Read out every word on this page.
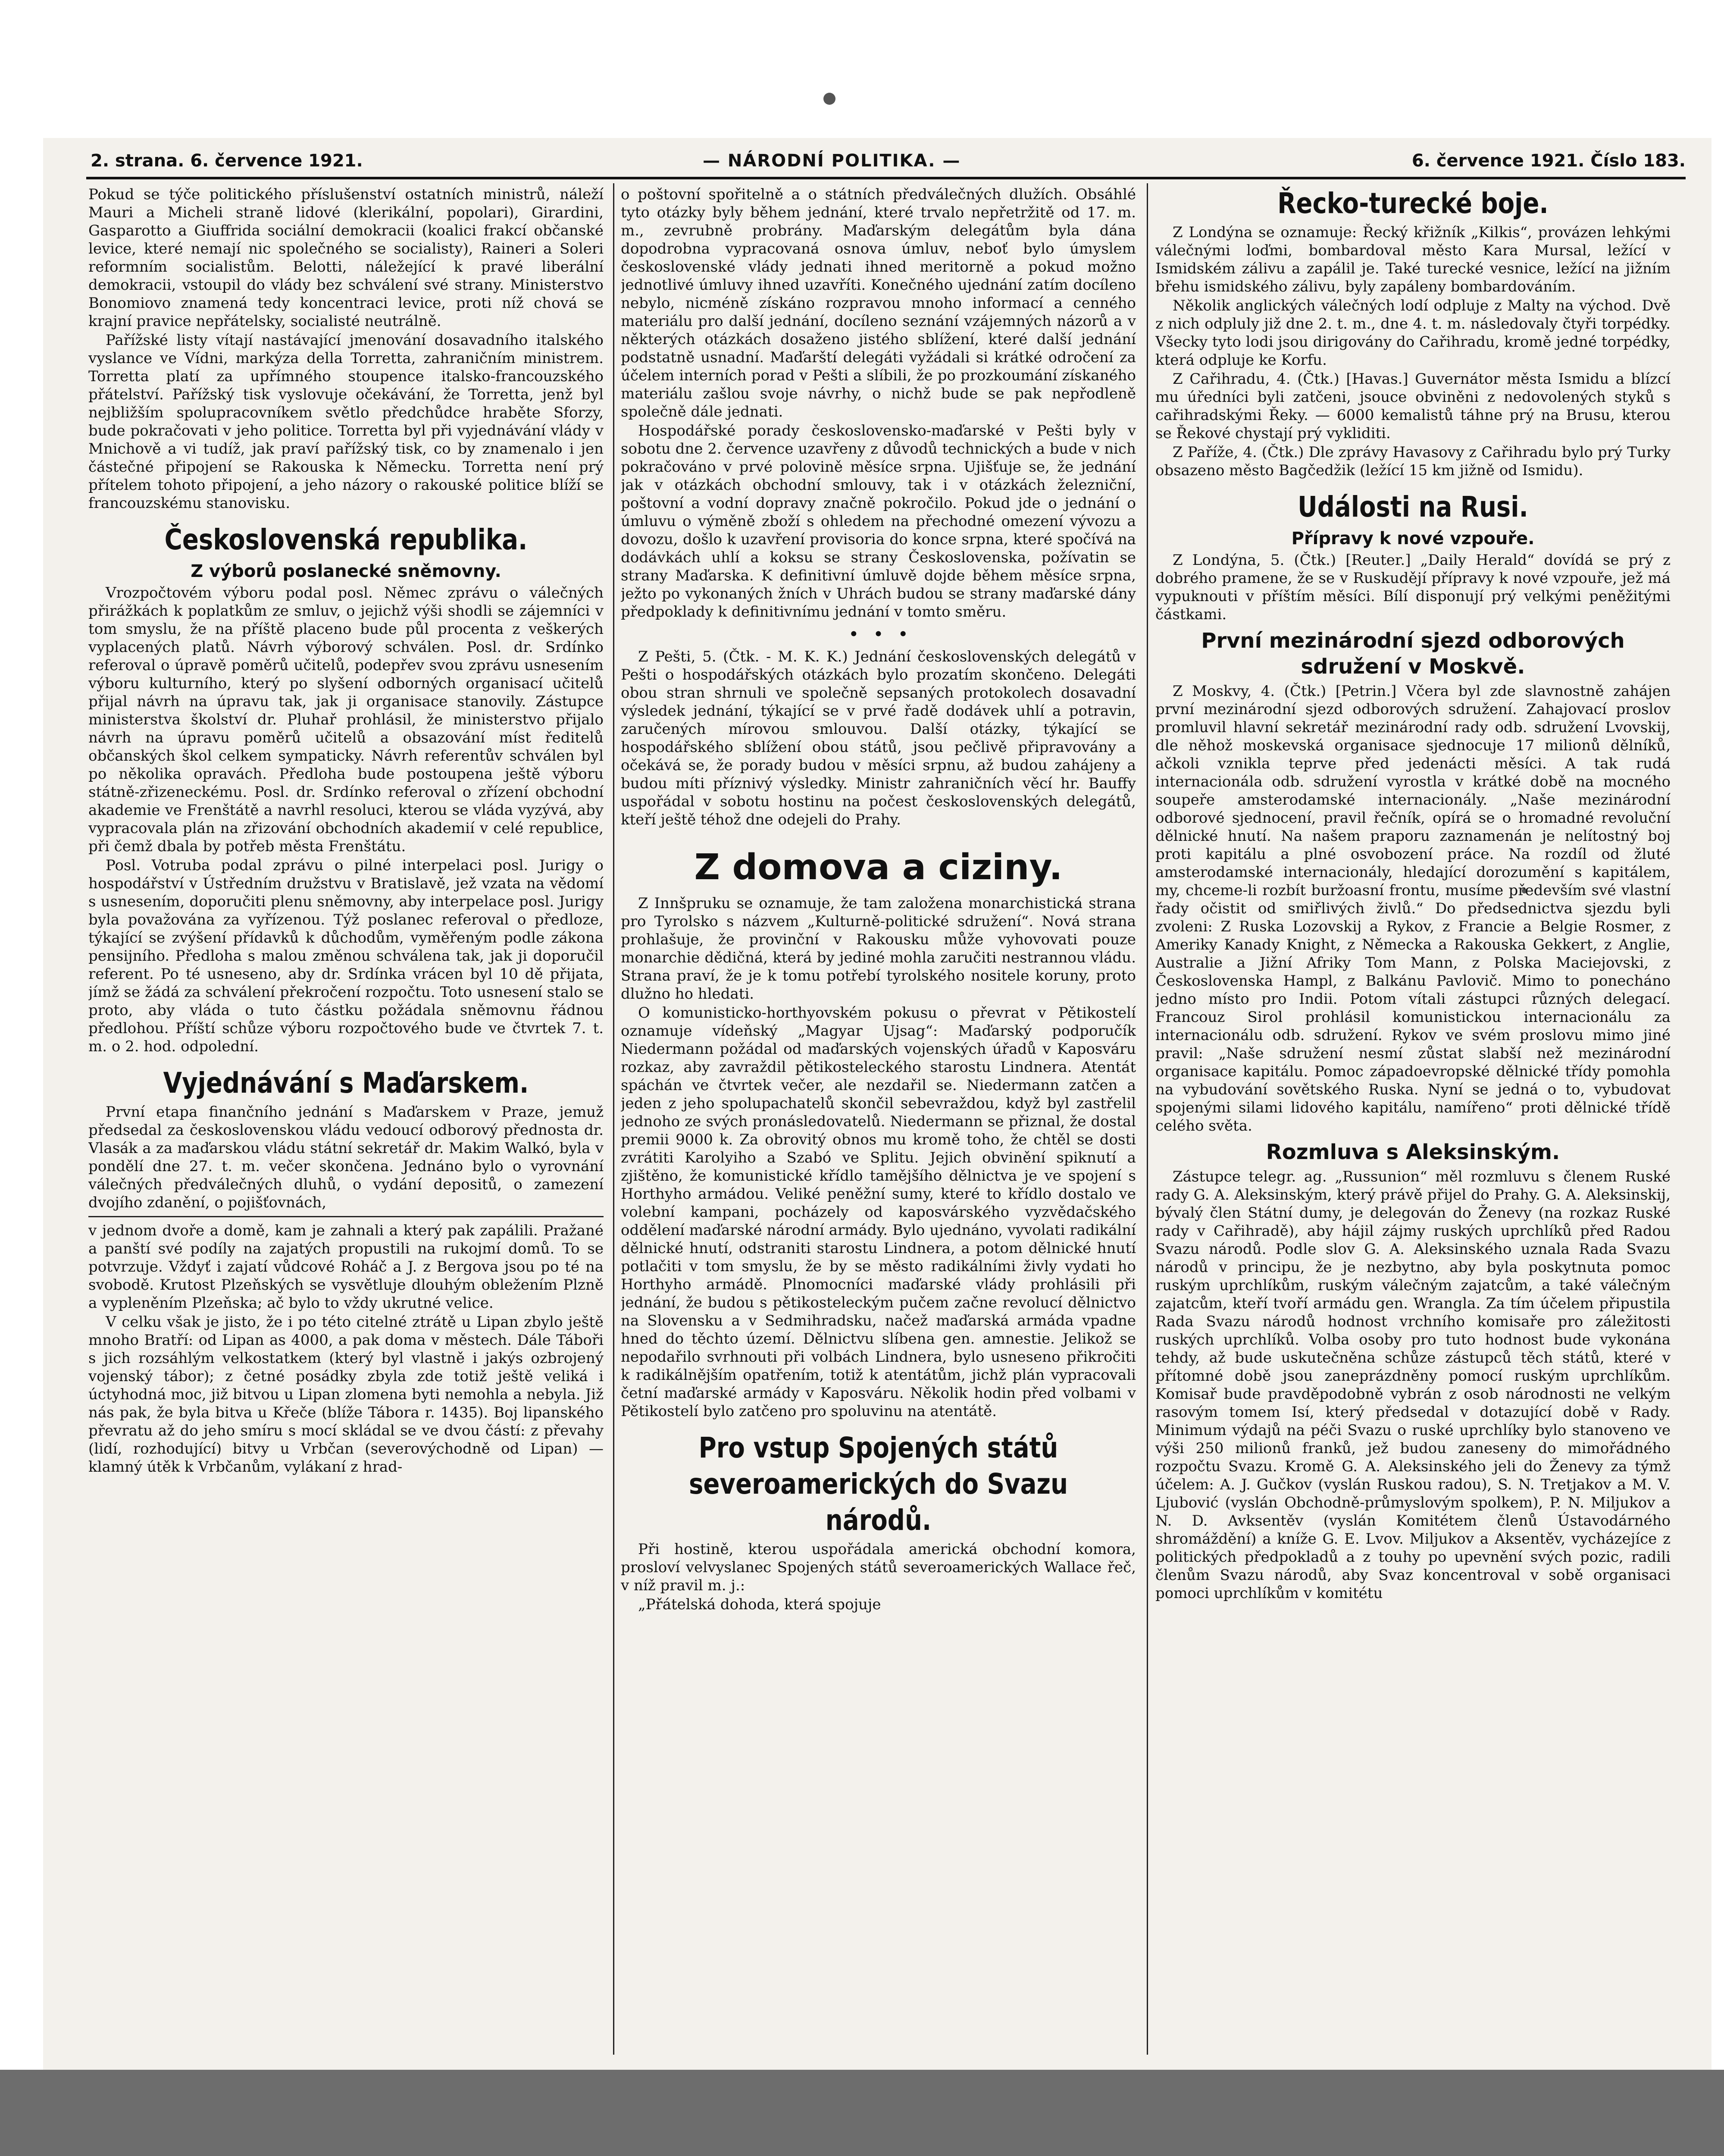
2. strana. 6. července 1921.	— NÁRODNÍ POLITIKA. —	6. července 1921. Číslo 183.

Pokud se týče politického příslušenství ostatních ministrů, náleží Mauri a Micheli straně lidové (klerikální, popolari), Girardini, Gasparotto a Giuffrida sociální demokracii (koalici frakcí občanské levice, které nemají nic společného se socialisty), Raineri a Soleri reformním socialistům. Belotti, náležející k pravé liberální demokracii, vstoupil do vlády bez schválení své strany. Ministerstvo Bonomiovo znamená tedy koncentraci levice, proti níž chová se krajní pravice nepřátelsky, socialisté neutrálně.

Pařížské listy vítají nastávající jmenování dosavadního italského vyslance ve Vídni, markýza della Torretta, zahraničním ministrem. Torretta platí za upřímného stoupence italsko-francouzského přátelství. Pařížský tisk vyslovuje očekávání, že Torretta, jenž byl nejbližším spolupracovníkem světlo předchůdce hraběte Sforzy, bude pokračovati v jeho politice. Torretta byl při vyjednávání vlády v Mnichově a vi tudíž, jak praví pařížský tisk, co by znamenalo i jen částečné připojení se Rakouska k Německu. Torretta není prý přítelem tohoto připojení, a jeho názory o rakouské politice blíží se francouzskému stanovisku.

Československá republika.
Z výborů poslanecké sněmovny.

Vrozpočtovém výboru podal posl. Němec zprávu o válečných přirážkách k poplatkům ze smluv, o jejichž výši shodli se zájemníci v tom smyslu, že na příště placeno bude půl procenta z veškerých vyplacených platů. Návrh výborový schválen. Posl. dr. Srdínko referoval o úpravě poměrů učitelů, podepřev svou zprávu usnesením výboru kulturního, který po slyšení odborných organisací učitelů přijal návrh na úpravu tak, jak ji organisace stanovily. Zástupce ministerstva školství dr. Pluhař prohlásil, že ministerstvo přijalo návrh na úpravu poměrů učitelů a obsazování míst ředitelů občanských škol celkem sympaticky. Návrh referentův schválen byl po několika opravách. Předloha bude postoupena ještě výboru státně-zřizeneckému. Posl. dr. Srdínko referoval o zřízení obchodní akademie ve Frenštátě a navrhl resoluci, kterou se vláda vyzývá, aby vypracovala plán na zřizování obchodních akademií v celé republice, při čemž dbala by potřeb města Frenštátu.

Posl. Votruba podal zprávu o pilné interpelaci posl. Jurigy o hospodářství v Ústředním družstvu v Bratislavě, jež vzata na vědomí s usnesením, doporučiti plenu sněmovny, aby interpelace posl. Jurigy byla považována za vyřízenou. Týž poslanec referoval o předloze, týkající se zvýšení přídavků k důchodům, vyměřeným podle zákona pensijního. Předloha s malou změnou schválena tak, jak ji doporučil referent. Po té usneseno, aby dr. Srdínka vrácen byl 10 dě přijata, jímž se žádá za schválení překročení rozpočtu. Toto usnesení stalo se proto, aby vláda o tuto částku požádala sněmovnu řádnou předlohou. Příští schůze výboru rozpočtového bude ve čtvrtek 7. t. m. o 2. hod. odpolední.

Vyjednávání s Maďarskem.

První etapa finančního jednání s Maďarskem v Praze, jemuž předsedal za československou vládu vedoucí odborový přednosta dr. Vlasák a za maďarskou vládu státní sekretář dr. Makim Walkó, byla v pondělí dne 27. t. m. večer skončena. Jednáno bylo o vyrovnání válečných předválečných dluhů, o vydání depositů, o zamezení dvojího zdanění, o pojišťovnách,

v jednom dvoře a domě, kam je zahnali a který pak zapálili. Pražané a panští své podíly na zajatých propustili na rukojmí domů. To se potvrzuje. Vždyť i zajatí vůdcové Roháč a J. z Bergova jsou po té na svobodě. Krutost Plzeňských se vysvětluje dlouhým obležením Plzně a vypleněním Plzeňska; ač bylo to vždy ukrutné velice.

V celku však je jisto, že i po této citelné ztrátě u Lipan zbylo ještě mnoho Bratří: od Lipan as 4000, a pak doma v městech. Dále Táboři s jich rozsáhlým velkostatkem (který byl vlastně i jakýs ozbrojený vojenský tábor); z četné posádky zbyla zde totiž ještě veliká i úctyhodná moc, již bitvou u Lipan zlomena byti nemohla a nebyla. Již nás pak, že byla bitva u Křeče (blíže Tábora r. 1435). Boj lipanského převratu až do jeho smíru s mocí skládal se ve dvou částí: z převahy (lidí, rozhodující) bitvy u Vrbčan (severovýchodně od Lipan) — klamný útěk k Vrbčanům, vylákaní z hrad-

o poštovní spořitelně a o státních předválečných dlužích. Obsáhlé tyto otázky byly během jednání, které trvalo nepřetržitě od 17. m. m., zevrubně probrány. Maďarským delegátům byla dána dopodrobna vypracovaná osnova úmluv, neboť bylo úmyslem československé vlády jednati ihned meritorně a pokud možno jednotlivé úmluvy ihned uzavříti. Konečného ujednání zatím docíleno nebylo, nicméně získáno rozpravou mnoho informací a cenného materiálu pro další jednání, docíleno seznání vzájemných názorů a v některých otázkách dosaženo jistého sblížení, které další jednání podstatně usnadní. Maďarští delegáti vyžádali si krátké odročení za účelem interních porad v Pešti a slíbili, že po prozkoumání získaného materiálu zašlou svoje návrhy, o nichž bude se pak nepřodleně společně dále jednati.

Hospodářské porady československo-maďarské v Pešti byly v sobotu dne 2. července uzavřeny z důvodů technických a bude v nich pokračováno v prvé polovině měsíce srpna. Ujišťuje se, že jednání jak v otázkách obchodní smlouvy, tak i v otázkách železniční, poštovní a vodní dopravy značně pokročilo. Pokud jde o jednání o úmluvu o výměně zboží s ohledem na přechodné omezení vývozu a dovozu, došlo k uzavření provisoria do konce srpna, které spočívá na dodávkách uhlí a koksu se strany Československa, požívatin se strany Maďarska. K definitivní úmluvě dojde během měsíce srpna, ježto po vykonaných žních v Uhrách budou se strany maďarské dány předpoklady k definitivnímu jednání v tomto směru.

•   •   •

Z Pešti, 5. (Čtk. - M. K. K.) Jednání československých delegátů v Pešti o hospodářských otázkách bylo prozatím skončeno. Delegáti obou stran shrnuli ve společně sepsaných protokolech dosavadní výsledek jednání, týkající se v prvé řadě dodávek uhlí a potravin, zaručených mírovou smlouvou. Další otázky, týkající se hospodářského sblížení obou států, jsou pečlivě připravovány a očekává se, že porady budou v měsíci srpnu, až budou zahájeny a budou míti příznivý výsledky. Ministr zahraničních věcí hr. Bauffy uspořádal v sobotu hostinu na počest československých delegátů, kteří ještě téhož dne odejeli do Prahy.

Z domova a ciziny.

Z Innšpruku se oznamuje, že tam založena monarchistická strana pro Tyrolsko s názvem „Kulturně-politické sdružení“. Nová strana prohlašuje, že provinční v Rakousku může vyhovovati pouze monarchie dědičná, která by jediné mohla zaručiti nestrannou vládu. Strana praví, že je k tomu potřebí tyrolského nositele koruny, proto dlužno ho hledati.

O komunisticko-horthyovském pokusu o převrat v Pětikostelí oznamuje vídeňský „Magyar Ujsag“: Maďarský podporučík Niedermann požádal od maďarských vojenských úřadů v Kaposváru rozkaz, aby zavraždil pětikosteleckého starostu Lindnera. Atentát spáchán ve čtvrtek večer, ale nezdařil se. Niedermann zatčen a jeden z jeho spolupachatelů skončil sebevraždou, když byl zastřelil jednoho ze svých pronásledovatelů. Niedermann se přiznal, že dostal premii 9000 k. Za obrovitý obnos mu kromě toho, že chtěl se dosti zvrátiti Karolyiho a Szabó ve Splitu. Jejich obvinění spiknutí a zjištěno, že komunistické křídlo tamějšího dělnictva je ve spojení s Horthyho armádou. Veliké peněžní sumy, které to křídlo dostalo ve volební kampani, pocházely od kaposvárského vyzvědačského oddělení maďarské národní armády. Bylo ujednáno, vyvolati radikální dělnické hnutí, odstraniti starostu Lindnera, a potom dělnické hnutí potlačiti v tom smyslu, že by se město radikálními živly vydati ho Horthyho armádě. Plnomocníci maďarské vlády prohlásili při jednání, že budou s pětikosteleckým pučem začne revolucí dělnictvo na Slovensku a v Sedmihradsku, načež maďarská armáda vpadne hned do těchto území. Dělnictvu slíbena gen. amnestie. Jelikož se nepodařilo svrhnouti při volbách Lindnera, bylo usneseno přikročiti k radikálnějším opatřením, totiž k atentátům, jichž plán vypracovali četní maďarské armády v Kaposváru. Několik hodin před volbami v Pětikostelí bylo zatčeno pro spoluvinu na atentátě.

Pro vstup Spojených států severoamerických do Svazu národů.

Při hostině, kterou uspořádala americká obchodní komora, prosloví velvyslanec Spojených států severoamerických Wallace řeč, v níž pravil m. j.:

„Přátelská dohoda, která spojuje

Řecko-turecké boje.

Z Londýna se oznamuje: Řecký křižník „Kilkis“, provázen lehkými válečnými loďmi, bombardoval město Kara Mursal, ležící v Ismidském zálivu a zapálil je. Také turecké vesnice, ležící na jižním břehu ismidského zálivu, byly zapáleny bombardováním.

Několik anglických válečných lodí odpluje z Malty na východ. Dvě z nich odpluly již dne 2. t. m., dne 4. t. m. následovaly čtyři torpédky. Všecky tyto lodi jsou dirigovány do Cařihradu, kromě jedné torpédky, která odpluje ke Korfu.

Z Cařihradu, 4. (Čtk.) [Havas.] Guvernátor města Ismidu a blízcí mu úředníci byli zatčeni, jsouce obviněni z nedovolených styků s cařihradskými Řeky. — 6000 kemalistů táhne prý na Brusu, kterou se Řekové chystají prý vykliditi.

Z Paříže, 4. (Čtk.) Dle zprávy Havasovy z Cařihradu bylo prý Turky obsazeno město Bagčedžik (ležící 15 km jižně od Ismidu).

Události na Rusi.
Přípravy k nové vzpouře.

Z Londýna, 5. (Čtk.) [Reuter.] „Daily Herald“ dovídá se prý z dobrého pramene, že se v Ruskudějí přípravy k nové vzpouře, jež má vypuknouti v příštím měsíci. Bílí disponují prý velkými peněžitými částkami.

První mezinárodní sjezd odborových sdružení v Moskvě.

Z Moskvy, 4. (Čtk.) [Petrin.] Včera byl zde slavnostně zahájen první mezinárodní sjezd odborových sdružení. Zahajovací proslov promluvil hlavní sekretář mezinárodní rady odb. sdružení Lvovskij, dle něhož moskevská organisace sjednocuje 17 milionů dělníků, ačkoli vznikla teprve před jedenácti měsíci. A tak rudá internacionála odb. sdružení vyrostla v krátké době na mocného soupeře amsterodamské internacionály. „Naše mezinárodní odborové sjednocení, pravil řečník, opírá se o hromadné revoluční dělnické hnutí. Na našem praporu zaznamenán je nelítostný boj proti kapitálu a plné osvobození práce. Na rozdíl od žluté amsterodamské internacionály, hledající dorozumění s kapitálem, my, chceme-li rozbít buržoasní frontu, musíme především své vlastní řady očistit od smiřlivých živlů.“ Do předsednictva sjezdu byli zvoleni: Z Ruska Lozovskij a Rykov, z Francie a Belgie Rosmer, z Ameriky Kanady Knight, z Německa a Rakouska Gekkert, z Anglie, Australie a Jižní Afriky Tom Mann, z Polska Maciejovski, z Československa Hampl, z Balkánu Pavlovič. Mimo to ponecháno jedno místo pro Indii. Potom vítali zástupci různých delegací. Francouz Sirol prohlásil komunistickou internacionálu za internacionálu odb. sdružení. Rykov ve svém proslovu mimo jiné pravil: „Naše sdružení nesmí zůstat slabší než mezinárodní organisace kapitálu. Pomoc západoevropské dělnické třídy pomohla na vybudování sovětského Ruska. Nyní se jedná o to, vybudovat spojenými silami lidového kapitálu, namířeno“ proti dělnické třídě celého světa.

Rozmluva s Aleksinským.

Zástupce telegr. ag. „Russunion“ měl rozmluvu s členem Ruské rady G. A. Aleksinským, který právě přijel do Prahy. G. A. Aleksinskij, bývalý člen Státní dumy, je delegován do Ženevy (na rozkaz Ruské rady v Cařihradě), aby hájil zájmy ruských uprchlíků před Radou Svazu národů. Podle slov G. A. Aleksinského uznala Rada Svazu národů v principu, že je nezbytno, aby byla poskytnuta pomoc ruským uprchlíkům, ruským válečným zajatcům, a také válečným zajatcům, kteří tvoří armádu gen. Wrangla. Za tím účelem připustila Rada Svazu národů hodnost vrchního komisaře pro záležitosti ruských uprchlíků. Volba osoby pro tuto hodnost bude vykonána tehdy, až bude uskutečněna schůze zástupců těch států, které v přítomné době jsou zaneprázdněny pomocí ruským uprchlíkům. Komisař bude pravděpodobně vybrán z osob národnosti ne velkým rasovým tomem Isí, který předsedal v dotazující době v Rady. Minimum výdajů na péči Svazu o ruské uprchlíky bylo stanoveno ve výši 250 milionů franků, jež budou zaneseny do mimořádného rozpočtu Svazu. Kromě G. A. Aleksinského jeli do Ženevy za týmž účelem: A. J. Gučkov (vyslán Ruskou radou), S. N. Tretjakov a M. V. Ljubović (vyslán Obchodně-průmyslovým spolkem), P. N. Miljukov a N. D. Avksentěv (vyslán Komitétem členů Ústavodárného shromáždění) a kníže G. E. Lvov. Miljukov a Aksentěv, vycházejíce z politických předpokladů a z touhy po upevnění svých pozic, radili členům Svazu národů, aby Svaz koncentroval v sobě organisaci pomoci uprchlíkům v komitétu
